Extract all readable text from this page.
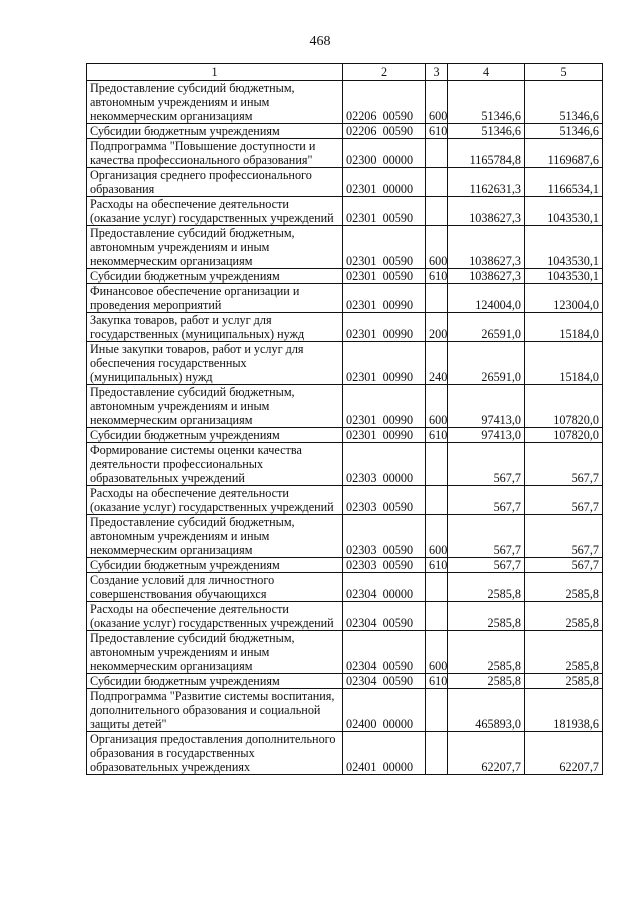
468
1	2	3	4	5
Предоставление субсидий бюджетным, автономным учреждениям и иным некоммерческим организациям	02206  00590	600	51346,6	51346,6
Субсидии бюджетным учреждениям	02206  00590	610	51346,6	51346,6
Подпрограмма "Повышение доступности и качества профессионального образования"	02300  00000		1165784,8	1169687,6
Организация среднего профессионального образования	02301  00000		1162631,3	1166534,1
Расходы на обеспечение деятельности (оказание услуг) государственных учреждений	02301  00590		1038627,3	1043530,1
Предоставление субсидий бюджетным, автономным учреждениям и иным некоммерческим организациям	02301  00590	600	1038627,3	1043530,1
Субсидии бюджетным учреждениям	02301  00590	610	1038627,3	1043530,1
Финансовое обеспечение организации и проведения мероприятий	02301  00990		124004,0	123004,0
Закупка товаров, работ и услуг для государственных (муниципальных) нужд	02301  00990	200	26591,0	15184,0
Иные закупки товаров, работ и услуг для обеспечения государственных (муниципальных) нужд	02301  00990	240	26591,0	15184,0
Предоставление субсидий бюджетным, автономным учреждениям и иным некоммерческим организациям	02301  00990	600	97413,0	107820,0
Субсидии бюджетным учреждениям	02301  00990	610	97413,0	107820,0
Формирование системы оценки качества деятельности профессиональных образовательных учреждений	02303  00000		567,7	567,7
Расходы на обеспечение деятельности (оказание услуг) государственных учреждений	02303  00590		567,7	567,7
Предоставление субсидий бюджетным, автономным учреждениям и иным некоммерческим организациям	02303  00590	600	567,7	567,7
Субсидии бюджетным учреждениям	02303  00590	610	567,7	567,7
Создание условий для личностного совершенствования обучающихся	02304  00000		2585,8	2585,8
Расходы на обеспечение деятельности (оказание услуг) государственных учреждений	02304  00590		2585,8	2585,8
Предоставление субсидий бюджетным, автономным учреждениям и иным некоммерческим организациям	02304  00590	600	2585,8	2585,8
Субсидии бюджетным учреждениям	02304  00590	610	2585,8	2585,8
Подпрограмма "Развитие системы воспитания, дополнительного образования и социальной защиты детей"	02400  00000		465893,0	181938,6
Организация предоставления дополнительного образования в государственных образовательных учреждениях	02401  00000		62207,7	62207,7
